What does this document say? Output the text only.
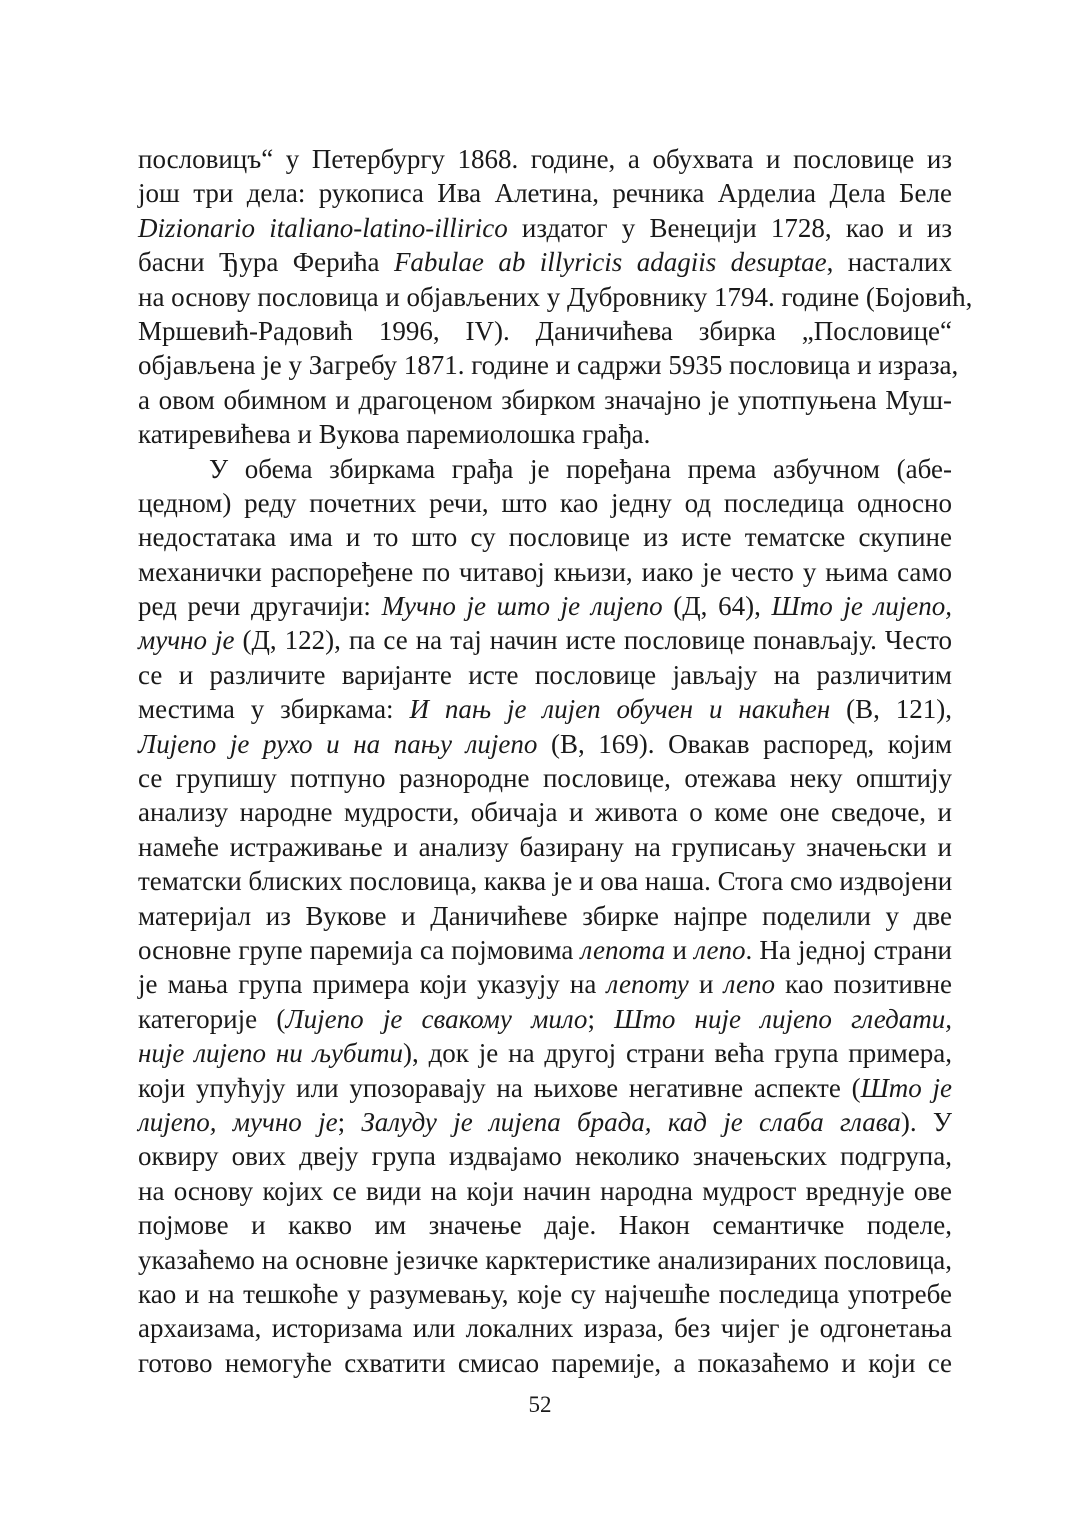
пословицъ“ у Петербургу 1868. године, а обухвата и пословице из
још три дела: рукописа Ива Алетина, речника Арделиа Дела Беле
Dizionario italiano-latino-illirico издатог у Венецији 1728, као и из
басни Ђура Ферића Fabulae ab illyricis adagiis desuptae, насталих
на основу пословица и објављених у Дубровнику 1794. године (Бојовић,
Мршевић-Радовић 1996, IV). Даничићева збирка „Пословице“
објављена је у Загребу 1871. године и садржи 5935 пословица и израза,
а овом обимном и драгоценом збирком значајно је употпуњена Муш-
катиревићева и Вукова паремиолошка грађа.
У обема збиркама грађа је поређана према азбучном (абе-
цедном) реду почетних речи, што као једну од последица односно
недостатака има и то што су пословице из исте тематске скупине
механички распоређене по читавој књизи, иако је често у њима само
ред речи другачији: Мучно је што је лијепо (Д, 64), Што је лијепо,
мучно је (Д, 122), па се на тај начин исте пословице понављају. Често
се и различите варијанте исте пословице јављају на различитим
местима у збиркама: И пањ је лијеп обучен и накићен (В, 121),
Лијепо је рухо и на пању лијепо (В, 169). Овакав распоред, којим
се групишу потпуно разнородне пословице, отежава неку општију
анализу народне мудрости, обичаја и живота о коме оне сведоче, и
намеће истраживање и анализу базирану на груписању значењски и
тематски блиских пословица, каква је и ова наша. Стога смо издвојени
материјал из Вукове и Даничићеве збирке најпре поделили у две
основне групе паремија са појмовима лепота и лепо. На једној страни
је мања група примера који указују на лепоту и лепо као позитивне
категорије (Лијепо је свакому мило; Што није лијепо гледати,
није лијепо ни љубити), док је на другој страни већа група примера,
који упућују или упозоравају на њихове негативне аспекте (Што је
лијепо, мучно је; Залуду је лијепа брада, кад је слаба глава). У
оквиру ових двеју група издвајамо неколико значењских подгрупа,
на основу којих се види на који начин народна мудрост вреднује ове
појмове и какво им значење даје. Након семантичке поделе,
указаћемо на основне језичке карктеристике анализираних пословица,
као и на тешкоће у разумевању, које су најчешће последица употребе
архаизама, историзама или локалних израза, без чијег је одгонетања
готово немогуће схватити смисао паремије, а показаћемо и који се
52
